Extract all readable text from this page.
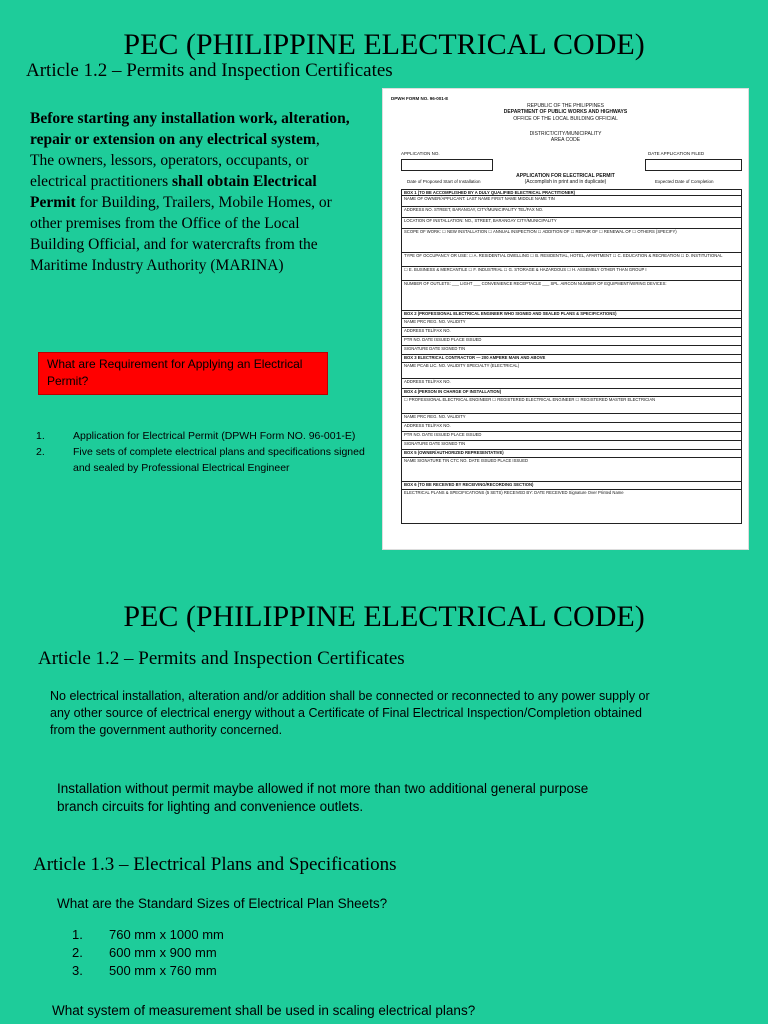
PEC (PHILIPPINE ELECTRICAL CODE)
Article 1.2 – Permits and Inspection Certificates
Before starting any installation work, alteration, repair or extension on any electrical system,
The owners, lessors, operators, occupants, or electrical practitioners shall obtain Electrical Permit for Building, Trailers, Mobile Homes, or other premises from the Office of the Local Building Official, and for watercrafts from the Maritime Industry Authority (MARINA)
What are Requirement for Applying an Electrical Permit?
1.	Application for Electrical Permit (DPWH Form NO. 96-001-E)
2.	Five sets of complete electrical plans and specifications signed and sealed by Professional Electrical Engineer
DPWH FORM NO. 96-001-E
REPUBLIC OF THE PHILIPPINES
DEPARTMENT OF PUBLIC WORKS AND HIGHWAYS
OFFICE OF THE LOCAL BUILDING OFFICIAL
DISTRICT/CITY/MUNICIPALITY
AREA CODE
APPLICATION NO.	DATE APPLICATION FILED
APPLICATION FOR ELECTRICAL PERMIT
(Accomplish in print and in duplicate)
Date of Proposed Start of Installation	Expected Date of Completion
BOX 1 (TO BE ACCOMPLISHED BY A DULY QUALIFIED ELECTRICAL PRACTITIONER)
NAME OF OWNER/APPLICANT: LAST NAME FIRST NAME MIDDLE NAME TIN
ADDRESS NO. STREET, BARANGAY, CITY/MUNICIPALITY TEL/FAX NO.
LOCATION OF INSTALLATION: NO., STREET, BARANGAY CITY/MUNICIPALITY
SCOPE OF WORK: ☐ NEW INSTALLATION ☐ ANNUAL INSPECTION ☐ ADDITION OF ☐ REPAIR OF ☐ RENEWAL OF ☐ OTHERS (SPECIFY)
TYPE OF OCCUPANCY OR USE: ☐ A. RESIDENTIAL DWELLING ☐ B. RESIDENTIAL, HOTEL, APARTMENT ☐ C. EDUCATION & RECREATION ☐ D. INSTITUTIONAL
☐ E. BUSINESS & MERCANTILE ☐ F. INDUSTRIAL ☐ G. STORAGE & HAZARDOUS ☐ H. ASSEMBLY OTHER THAN GROUP I
NUMBER OF OUTLETS: ___ LIGHT ___ CONVENIENCE RECEPTACLE ___ SPL. AIRCON NUMBER OF EQUIPMENT/WIRING DEVICES:
BOX 2 (PROFESSIONAL ELECTRICAL ENGINEER WHO SIGNED AND SEALED PLANS & SPECIFICATIONS)
NAME PRC REG. NO. VALIDITY
ADDRESS TEL/FAX NO.
PTR NO. DATE ISSUED PLACE ISSUED
SIGNATURE DATE SIGNED TIN
BOX 3 ELECTRICAL CONTRACTOR — 200 AMPERE MAIN AND ABOVE
NAME PCAB LIC. NO. VALIDITY SPECIALTY (ELECTRICAL)
ADDRESS TEL/FAX NO.
BOX 4 (PERSON IN CHARGE OF INSTALLATION)
☐ PROFESSIONAL ELECTRICAL ENGINEER ☐ REGISTERED ELECTRICAL ENGINEER ☐ REGISTERED MASTER ELECTRICIAN
NAME PRC REG. NO. VALIDITY
ADDRESS TEL/FAX NO.
PTR NO. DATE ISSUED PLACE ISSUED
SIGNATURE DATE SIGNED TIN
BOX 5 (OWNER/AUTHORIZED REPRESENTATIVE)
NAME SIGNATURE TIN CTC NO. DATE ISSUED PLACE ISSUED
BOX 6 (TO BE RECEIVED BY RECEIVING/RECORDING SECTION)
ELECTRICAL PLANS & SPECIFICATIONS (5 SETS) RECEIVED BY: DATE RECEIVED Signature Over Printed Name
PEC (PHILIPPINE ELECTRICAL CODE)
Article 1.2 – Permits and Inspection Certificates
No electrical installation, alteration and/or addition shall be connected or reconnected to any power supply or any other source of electrical energy without a Certificate of Final Electrical Inspection/Completion obtained from the government authority concerned.
Installation without permit maybe allowed if not more than two additional general purpose branch circuits for lighting and convenience outlets.
Article 1.3 – Electrical Plans and Specifications
What are the Standard Sizes of Electrical Plan Sheets?
1. 760 mm x 1000 mm
2. 600 mm x 900 mm
3. 500 mm x 760 mm
What system of measurement shall be used in scaling electrical plans?
